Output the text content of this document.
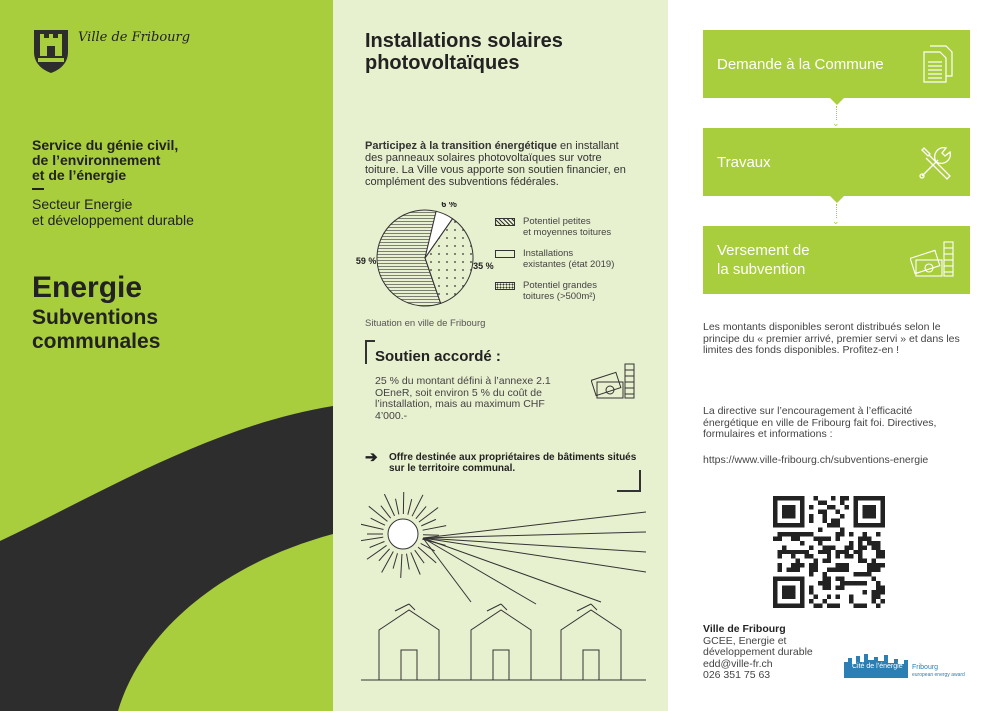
Ville de Fribourg
Service du génie civil,
de l’environnement
et de l’énergie
Secteur Energie
et développement durable
Energie
Subventions
communales
Installations solaires
photovoltaïques
Participez à la transition énergétique en installant des panneaux solaires photovoltaïques sur votre toiture. La Ville vous apporte son soutien financier, en complément des subventions fédérales.
59 %
6 %
35 %
Potentiel petites
et moyennes toitures
Installations
existantes (état 2019)
Potentiel grandes
toitures (>500m²)
Situation en ville de Fribourg
Soutien accordé :
25 % du montant défini à l’annexe 2.1 OEneR, soit environ 5 % du coût de l’installation, mais au maximum CHF 4’000.-
➔ Offre destinée aux propriétaires de bâtiments situés sur le territoire communal.
Demande à la Commune
⌄
Travaux
⌄
Versement de
la subvention
Les montants disponibles seront distribués selon le principe du « premier arrivé, premier servi » et dans les limites des fonds disponibles. Profitez-en !
La directive sur l’encouragement à l’efficacité énergétique en ville de Fribourg fait foi. Directives, formulaires et informations :
https://www.ville-fribourg.ch/subventions-energie
Ville de Fribourg
GCEE, Energie et
développement durable
edd@ville-fr.ch
026 351 75 63
Cité de l’énergie Fribourg
european energy award
